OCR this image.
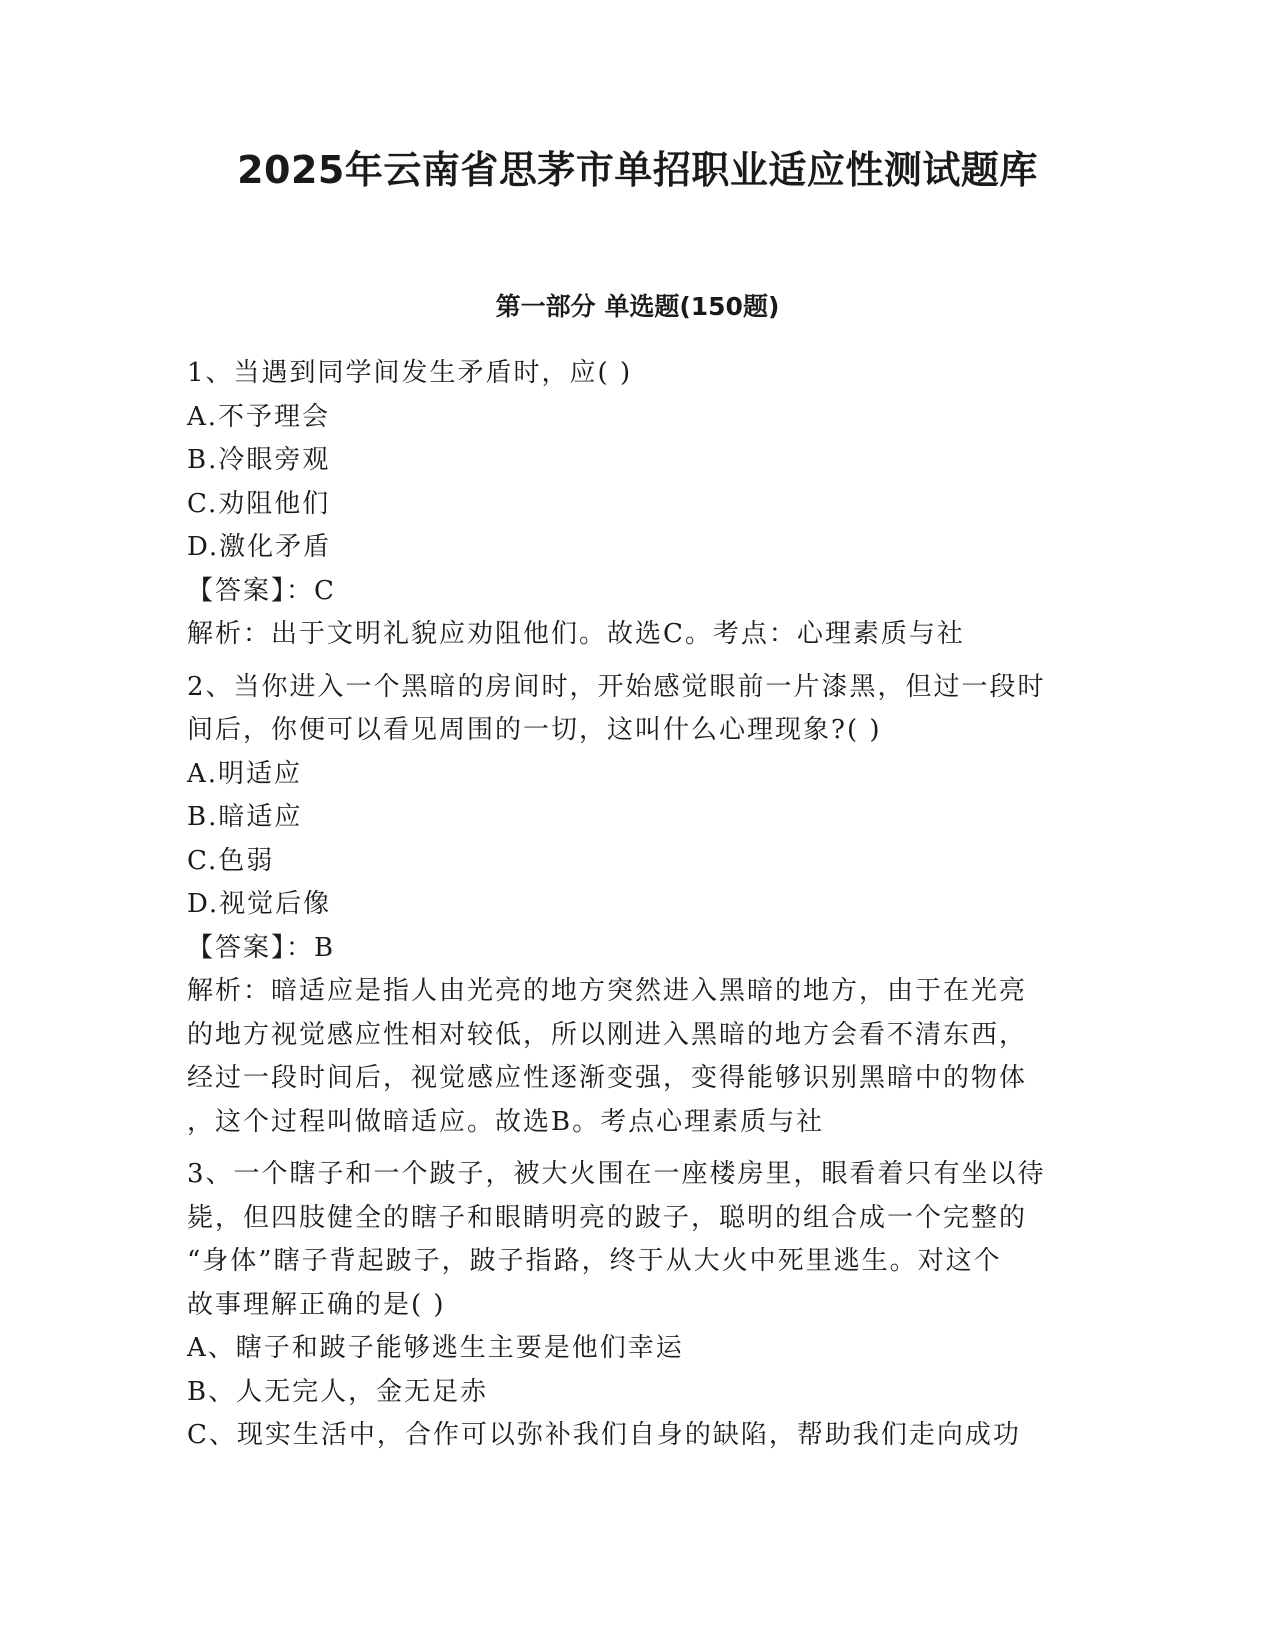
2025年云南省思茅市单招职业适应性测试题库
第一部分 单选题(150题)
1、当遇到同学间发生矛盾时，应( )
A.不予理会
B.冷眼旁观
C.劝阻他们
D.激化矛盾
【答案】：C
解析：出于文明礼貌应劝阻他们。故选C。考点：心理素质与社
2、当你进入一个黑暗的房间时，开始感觉眼前一片漆黑，但过一段时
间后，你便可以看见周围的一切，这叫什么心理现象?( )
A.明适应
B.暗适应
C.色弱
D.视觉后像
【答案】：B
解析：暗适应是指人由光亮的地方突然进入黑暗的地方，由于在光亮
的地方视觉感应性相对较低，所以刚进入黑暗的地方会看不清东西，
经过一段时间后，视觉感应性逐渐变强，变得能够识别黑暗中的物体
，这个过程叫做暗适应。故选B。考点心理素质与社
3、一个瞎子和一个跛子，被大火围在一座楼房里，眼看着只有坐以待
毙，但四肢健全的瞎子和眼睛明亮的跛子，聪明的组合成一个完整的
“身体”瞎子背起跛子，跛子指路，终于从大火中死里逃生。对这个
故事理解正确的是( )
A、瞎子和跛子能够逃生主要是他们幸运
B、人无完人，金无足赤
C、现实生活中，合作可以弥补我们自身的缺陷，帮助我们走向成功
